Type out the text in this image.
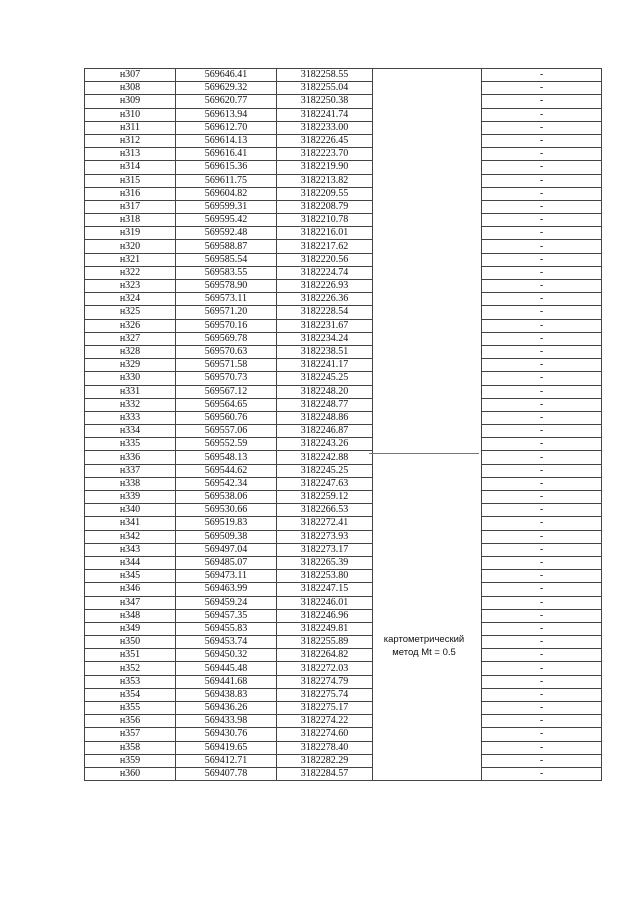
н307	569646.41	3182258.55		-
н308	569629.32	3182255.04		-
н309	569620.77	3182250.38		-
н310	569613.94	3182241.74		-
н311	569612.70	3182233.00		-
н312	569614.13	3182226.45		-
н313	569616.41	3182223.70		-
н314	569615.36	3182219.90		-
н315	569611.75	3182213.82		-
н316	569604.82	3182209.55		-
н317	569599.31	3182208.79		-
н318	569595.42	3182210.78		-
н319	569592.48	3182216.01		-
н320	569588.87	3182217.62		-
н321	569585.54	3182220.56		-
н322	569583.55	3182224.74		-
н323	569578.90	3182226.93		-
н324	569573.11	3182226.36		-
н325	569571.20	3182228.54		-
н326	569570.16	3182231.67		-
н327	569569.78	3182234.24		-
н328	569570.63	3182238.51		-
н329	569571.58	3182241.17		-
н330	569570.73	3182245.25		-
н331	569567.12	3182248.20		-
н332	569564.65	3182248.77		-
н333	569560.76	3182248.86		-
н334	569557.06	3182246.87		-
н335	569552.59	3182243.26		-
н336	569548.13	3182242.88		-
н337	569544.62	3182245.25		-
н338	569542.34	3182247.63		-
н339	569538.06	3182259.12		-
н340	569530.66	3182266.53		-
н341	569519.83	3182272.41		-
н342	569509.38	3182273.93		-
н343	569497.04	3182273.17		-
н344	569485.07	3182265.39		-
н345	569473.11	3182253.80		-
н346	569463.99	3182247.15		-
н347	569459.24	3182246.01		-
н348	569457.35	3182246.96		-
н349	569455.83	3182249.81		-
н350	569453.74	3182255.89		-
н351	569450.32	3182264.82		-
н352	569445.48	3182272.03		-
н353	569441.68	3182274.79		-
н354	569438.83	3182275.74		-
н355	569436.26	3182275.17		-
н356	569433.98	3182274.22		-
н357	569430.76	3182274.60		-
н358	569419.65	3182278.40		-
н359	569412.71	3182282.29		-
н360	569407.78	3182284.57		-
картометрический
метод Mt = 0.5
